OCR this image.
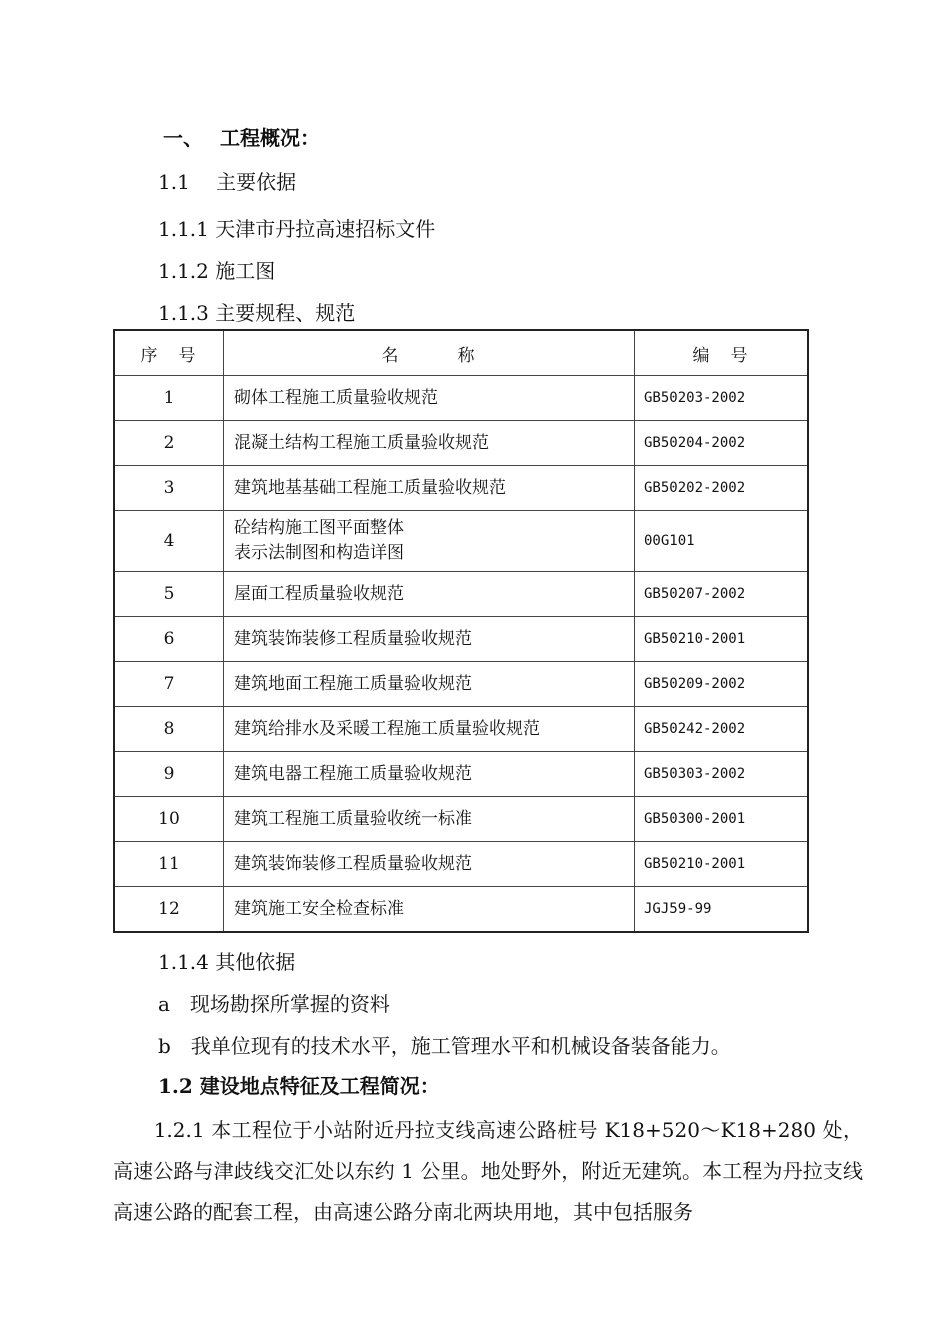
一、　 工程概况：
1.1　 主要依据
1.1.1 天津市丹拉高速招标文件
1.1.2 施工图
1.1.3 主要规程、规范
序　号	名　　　称	编　号
1	砌体工程施工质量验收规范	GB50203-2002
2	混凝土结构工程施工质量验收规范	GB50204-2002
3	建筑地基基础工程施工质量验收规范	GB50202-2002
4	砼结构施工图平面整体
表示法制图和构造详图	00G101
5	屋面工程质量验收规范	GB50207-2002
6	建筑装饰装修工程质量验收规范	GB50210-2001
7	建筑地面工程施工质量验收规范	GB50209-2002
8	建筑给排水及采暖工程施工质量验收规范	GB50242-2002
9	建筑电器工程施工质量验收规范	GB50303-2002
10	建筑工程施工质量验收统一标准	GB50300-2001
11	建筑装饰装修工程质量验收规范	GB50210-2001
12	建筑施工安全检查标准	JGJ59-99
1.1.4 其他依据
a　现场勘探所掌握的资料
b　我单位现有的技术水平，施工管理水平和机械设备装备能力。
1.2 建设地点特征及工程简况：
　　1.2.1 本工程位于小站附近丹拉支线高速公路桩号 K18+520～K18+280 处，高速公路与津歧线交汇处以东约 1 公里。地处野外，附近无建筑。本工程为丹拉支线高速公路的配套工程，由高速公路分南北两块用地，其中包括服务
